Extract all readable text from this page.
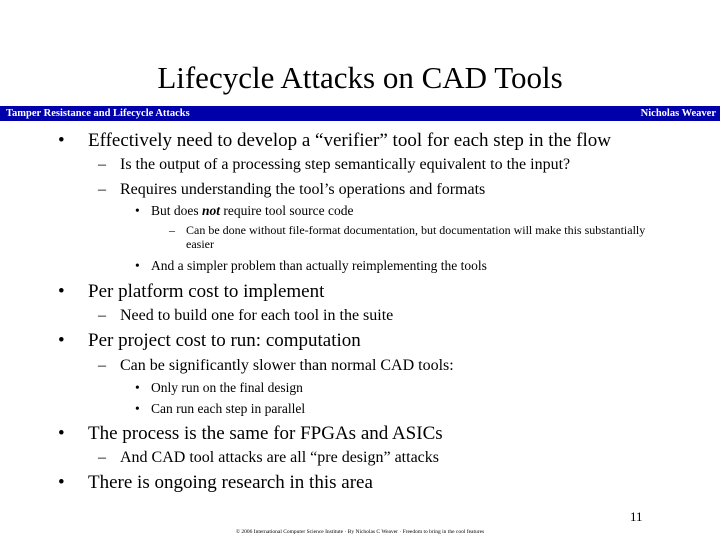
Lifecycle Attacks on CAD Tools
Tamper Resistance and Lifecycle Attacks	Nicholas Weaver
• Effectively need to develop a “verifier” tool for each step in the flow
– Is the output of a processing step semantically equivalent to the input?
– Requires understanding the tool’s operations and formats
• But does not require tool source code
– Can be done without file-format documentation, but documentation will make this substantially easier
• And a simpler problem than actually reimplementing the tools
• Per platform cost to implement
– Need to build one for each tool in the suite
• Per project cost to run: computation
– Can be significantly slower than normal CAD tools:
• Only run on the final design
• Can run each step in parallel
• The process is the same for FPGAs and ASICs
– And CAD tool attacks are all “pre design” attacks
• There is ongoing research in this area
11
© 2006 International Computer Science Institute · By Nicholas C Weaver · Freedom to bring in the cool features
